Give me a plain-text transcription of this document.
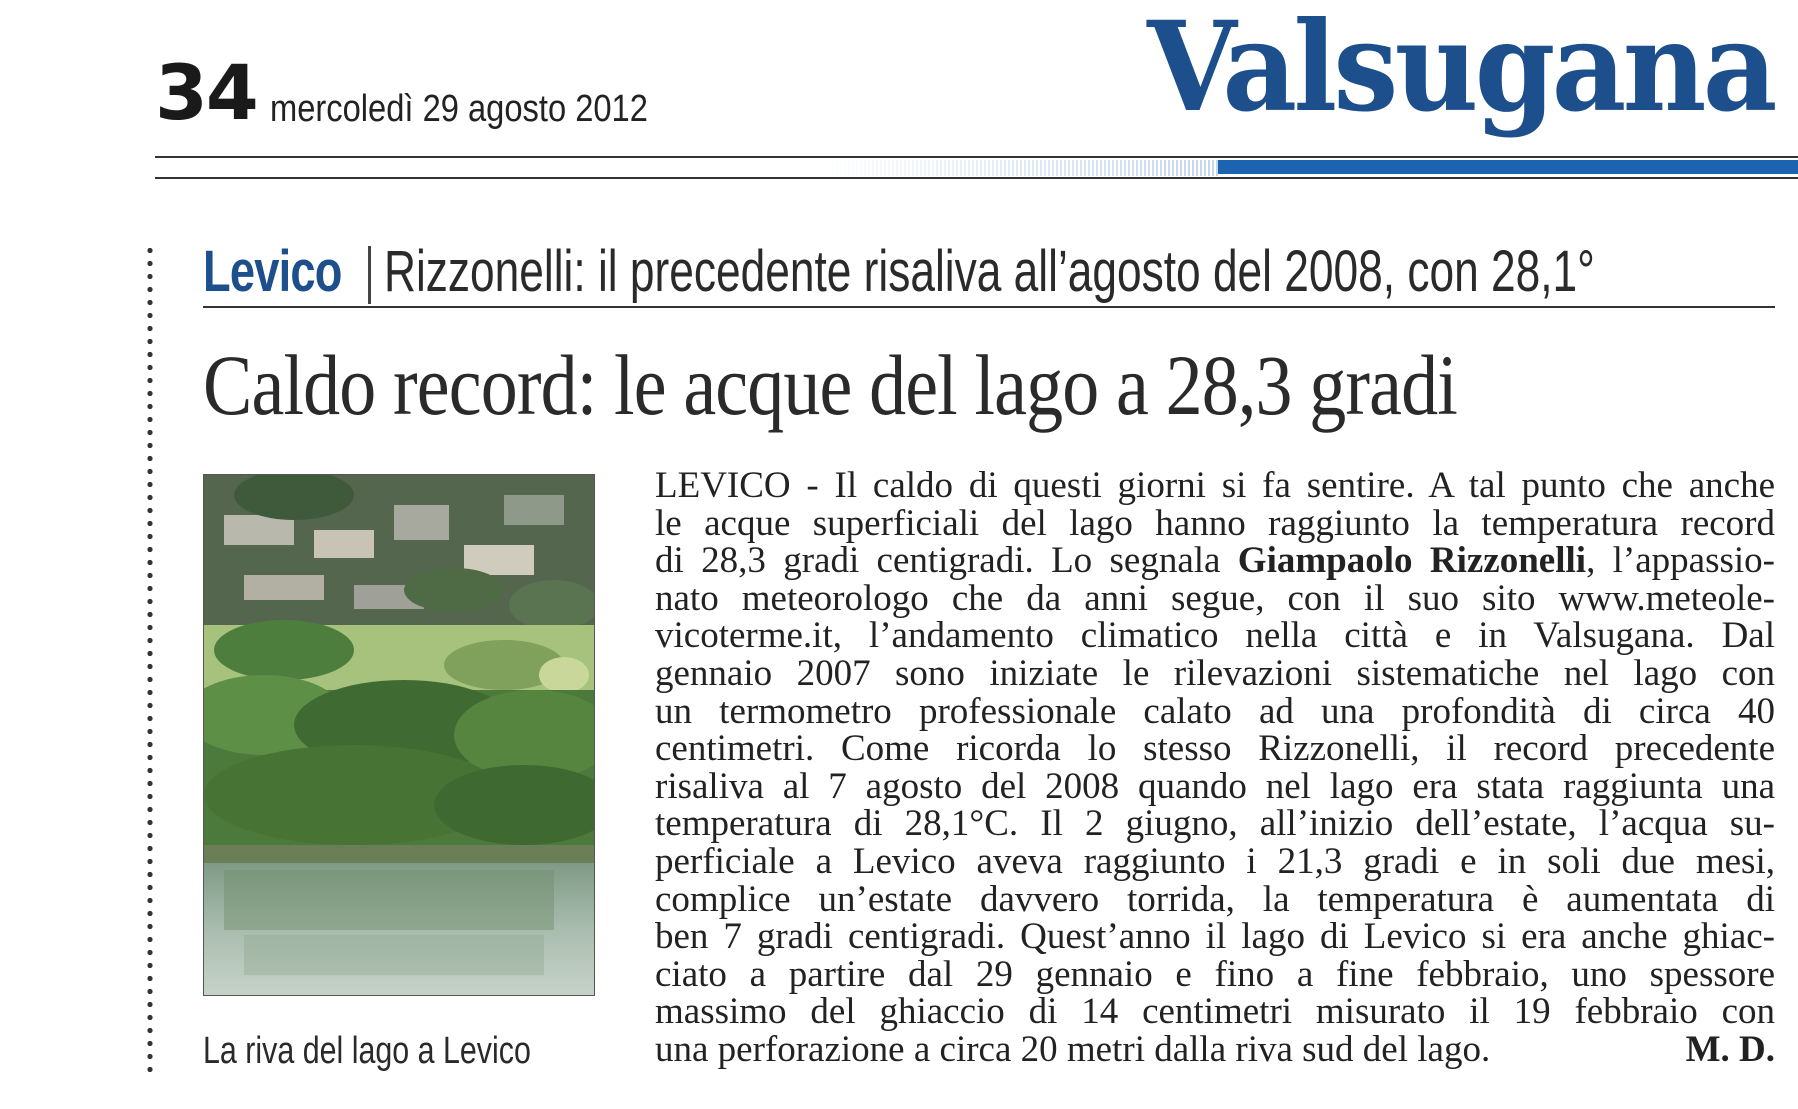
34 mercoledì 29 agosto 2012	Valsugana
Levico Rizzonelli: il precedente risaliva all’agosto del 2008, con 28,1°
Caldo record: le acque del lago a 28,3 gradi
La riva del lago a Levico
LEVICO - Il caldo di questi giorni si fa sentire. A tal punto che anche
le acque superficiali del lago hanno raggiunto la temperatura record
di 28,3 gradi centigradi. Lo segnala Giampaolo Rizzonelli, l’appassio-
nato meteorologo che da anni segue, con il suo sito www.meteole-
vicoterme.it, l’andamento climatico nella città e in Valsugana. Dal
gennaio 2007 sono iniziate le rilevazioni sistematiche nel lago con
un termometro professionale calato ad una profondità di circa 40
centimetri. Come ricorda lo stesso Rizzonelli, il record precedente
risaliva al 7 agosto del 2008 quando nel lago era stata raggiunta una
temperatura di 28,1°C. Il 2 giugno, all’inizio dell’estate, l’acqua su-
perficiale a Levico aveva raggiunto i 21,3 gradi e in soli due mesi,
complice un’estate davvero torrida, la temperatura è aumentata di
ben 7 gradi centigradi. Quest’anno il lago di Levico si era anche ghiac-
ciato a partire dal 29 gennaio e fino a fine febbraio, uno spessore
massimo del ghiaccio di 14 centimetri misurato il 19 febbraio con
una perforazione a circa 20 metri dalla riva sud del lago.	M. D.
